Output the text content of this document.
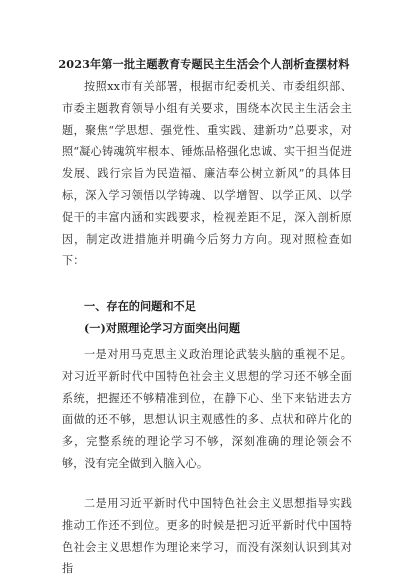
2023年第一批主题教育专题民主生活会个人剖析查摆材料
按照xx市有关部署，根据市纪委机关、市委组织部、市委主题教育领导小组有关要求，围绕本次民主生活会主题，聚焦“学思想、强党性、重实践、建新功”总要求，对照“凝心铸魂筑牢根本、锤炼品格强化忠诚、实干担当促进发展、践行宗旨为民造福、廉洁奉公树立新风”的具体目标，深入学习领悟以学铸魂、以学增智、以学正风、以学促干的丰富内涵和实践要求，检视差距不足，深入剖析原因，制定改进措施并明确今后努力方向。现对照检查如下：
一、存在的问题和不足
(一)对照理论学习方面突出问题
一是对用马克思主义政治理论武装头脑的重视不足。对习近平新时代中国特色社会主义思想的学习还不够全面系统，把握还不够精准到位，在静下心、坐下来钻进去方面做的还不够，思想认识主观感性的多、点状和碎片化的多，完整系统的理论学习不够，深刻准确的理论领会不够，没有完全做到入脑入心。
二是用习近平新时代中国特色社会主义思想指导实践推动工作还不到位。更多的时候是把习近平新时代中国特色社会主义思想作为理论来学习，而没有深刻认识到其对指
